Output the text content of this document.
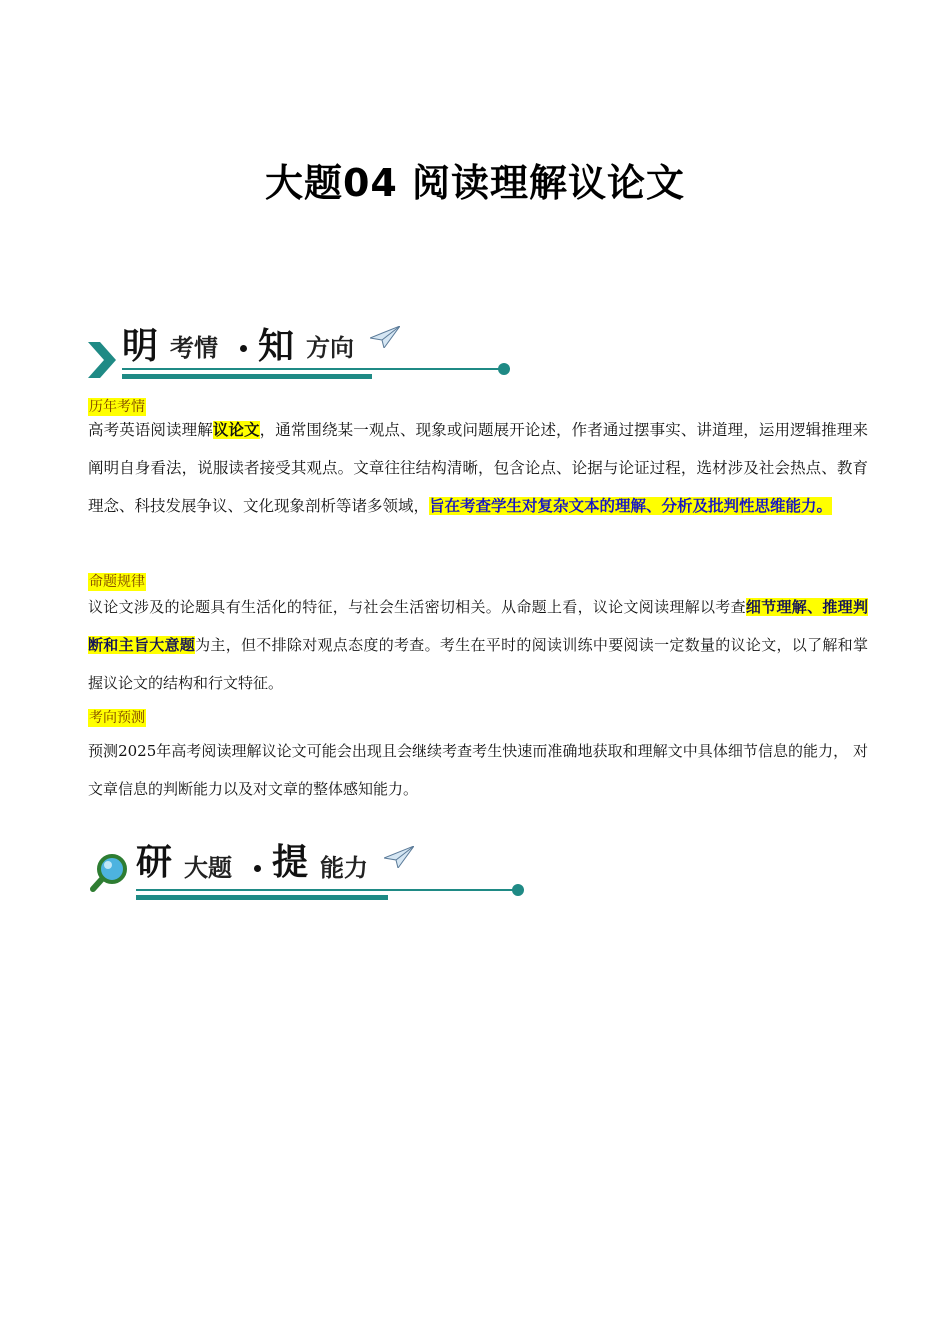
大题04 阅读理解议论文
明 考情 知 方向
历年考情
高考英语阅读理解议论文，通常围绕某一观点、现象或问题展开论述，作者通过摆事实、讲道理，运用逻辑推理来阐明自身看法，说服读者接受其观点。文章往往结构清晰，包含论点、论据与论证过程，选材涉及社会热点、教育理念、科技发展争议、文化现象剖析等诸多领域，旨在考查学生对复杂文本的理解、分析及批判性思维能力。
命题规律
议论文涉及的论题具有生活化的特征，与社会生活密切相关。从命题上看，议论文阅读理解以考查细节理解、推理判断和主旨大意题为主，但不排除对观点态度的考查。考生在平时的阅读训练中要阅读一定数量的议论文，以了解和掌握议论文的结构和行文特征。
考向预测
预测2025年高考阅读理解议论文可能会出现且会继续考查考生快速而准确地获取和理解文中具体细节信息的能力， 对文章信息的判断能力以及对文章的整体感知能力。
研 大题 提 能力
